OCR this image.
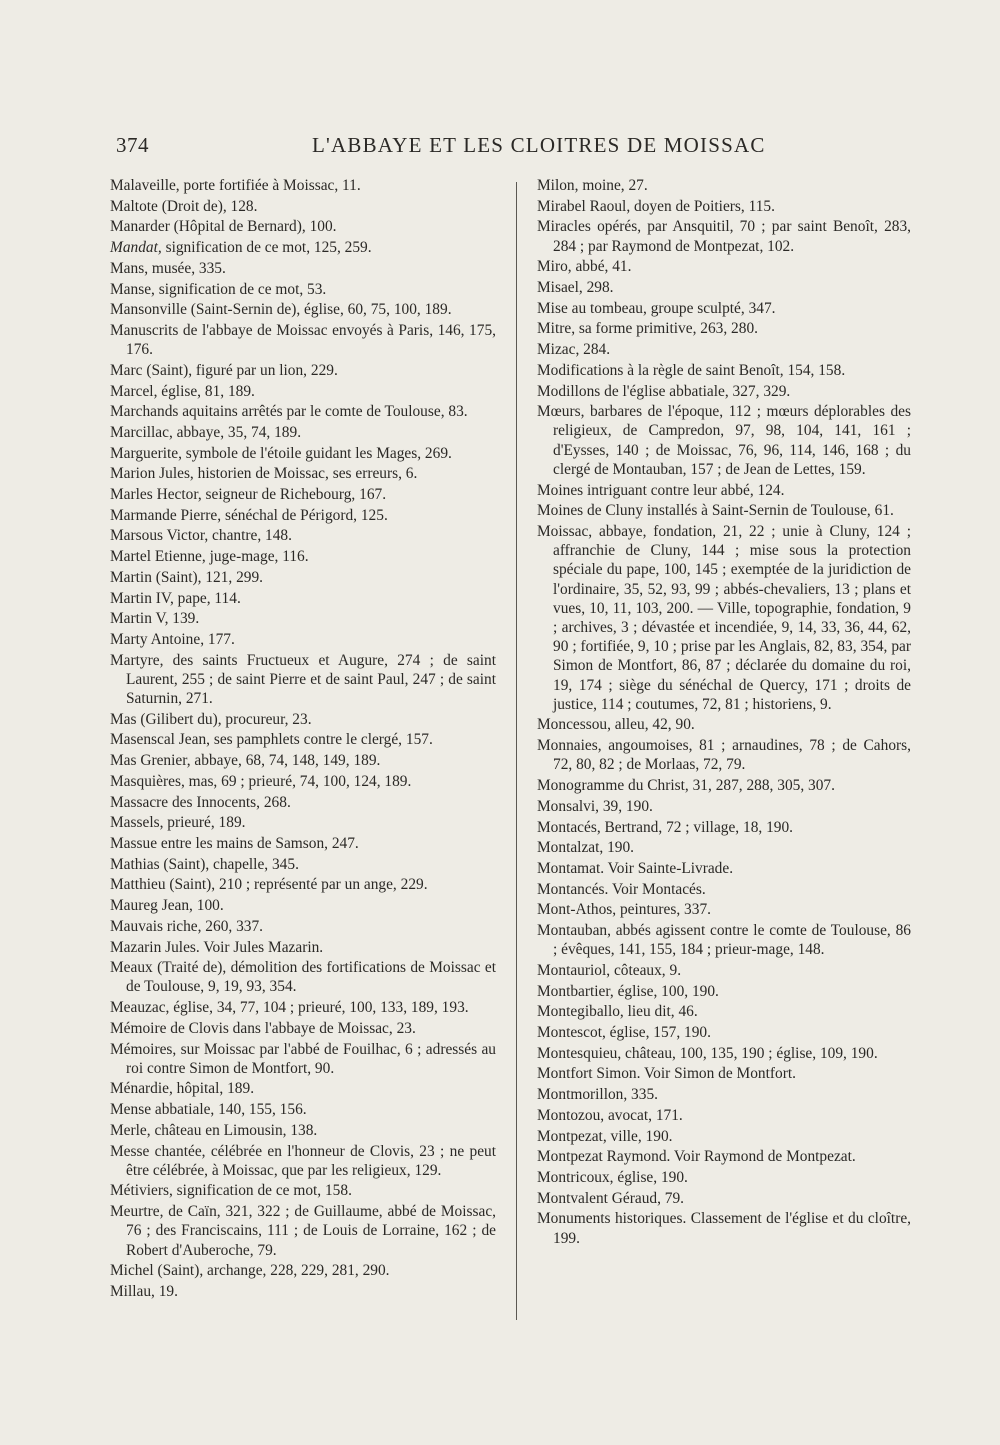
374	L'ABBAYE ET LES CLOITRES DE MOISSAC

Malaveille, porte fortifiée à Moissac, 11.

Maltote (Droit de), 128.

Manarder (Hôpital de Bernard), 100.

Mandat, signification de ce mot, 125, 259.

Mans, musée, 335.

Manse, signification de ce mot, 53.

Mansonville (Saint-Sernin de), église, 60, 75, 100, 189.

Manuscrits de l'abbaye de Moissac envoyés à Paris, 146, 175, 176.

Marc (Saint), figuré par un lion, 229.

Marcel, église, 81, 189.

Marchands aquitains arrêtés par le comte de Toulouse, 83.

Marcillac, abbaye, 35, 74, 189.

Marguerite, symbole de l'étoile guidant les Mages, 269.

Marion Jules, historien de Moissac, ses erreurs, 6.

Marles Hector, seigneur de Richebourg, 167.

Marmande Pierre, sénéchal de Périgord, 125.

Marsous Victor, chantre, 148.

Martel Etienne, juge-mage, 116.

Martin (Saint), 121, 299.

Martin IV, pape, 114.

Martin V, 139.

Marty Antoine, 177.

Martyre, des saints Fructueux et Augure, 274 ; de saint Laurent, 255 ; de saint Pierre et de saint Paul, 247 ; de saint Saturnin, 271.

Mas (Gilibert du), procureur, 23.

Masenscal Jean, ses pamphlets contre le clergé, 157.

Mas Grenier, abbaye, 68, 74, 148, 149, 189.

Masquières, mas, 69 ; prieuré, 74, 100, 124, 189.

Massacre des Innocents, 268.

Massels, prieuré, 189.

Massue entre les mains de Samson, 247.

Mathias (Saint), chapelle, 345.

Matthieu (Saint), 210 ; représenté par un ange, 229.

Maureg Jean, 100.

Mauvais riche, 260, 337.

Mazarin Jules. Voir Jules Mazarin.

Meaux (Traité de), démolition des fortifications de Moissac et de Toulouse, 9, 19, 93, 354.

Meauzac, église, 34, 77, 104 ; prieuré, 100, 133, 189, 193.

Mémoire de Clovis dans l'abbaye de Moissac, 23.

Mémoires, sur Moissac par l'abbé de Fouilhac, 6 ; adressés au roi contre Simon de Montfort, 90.

Ménardie, hôpital, 189.

Mense abbatiale, 140, 155, 156.

Merle, château en Limousin, 138.

Messe chantée, célébrée en l'honneur de Clovis, 23 ; ne peut être célébrée, à Moissac, que par les religieux, 129.

Métiviers, signification de ce mot, 158.

Meurtre, de Caïn, 321, 322 ; de Guillaume, abbé de Moissac, 76 ; des Franciscains, 111 ; de Louis de Lorraine, 162 ; de Robert d'Auberoche, 79.

Michel (Saint), archange, 228, 229, 281, 290.

Millau, 19.

Milon, moine, 27.

Mirabel Raoul, doyen de Poitiers, 115.

Miracles opérés, par Ansquitil, 70 ; par saint Benoît, 283, 284 ; par Raymond de Montpezat, 102.

Miro, abbé, 41.

Misael, 298.

Mise au tombeau, groupe sculpté, 347.

Mitre, sa forme primitive, 263, 280.

Mizac, 284.

Modifications à la règle de saint Benoît, 154, 158.

Modillons de l'église abbatiale, 327, 329.

Mœurs, barbares de l'époque, 112 ; mœurs déplorables des religieux, de Campredon, 97, 98, 104, 141, 161 ; d'Eysses, 140 ; de Moissac, 76, 96, 114, 146, 168 ; du clergé de Montauban, 157 ; de Jean de Lettes, 159.

Moines intriguant contre leur abbé, 124.

Moines de Cluny installés à Saint-Sernin de Toulouse, 61.

Moissac, abbaye, fondation, 21, 22 ; unie à Cluny, 124 ; affranchie de Cluny, 144 ; mise sous la protection spéciale du pape, 100, 145 ; exemptée de la juridiction de l'ordinaire, 35, 52, 93, 99 ; abbés-chevaliers, 13 ; plans et vues, 10, 11, 103, 200. — Ville, topographie, fondation, 9 ; archives, 3 ; dévastée et incendiée, 9, 14, 33, 36, 44, 62, 90 ; fortifiée, 9, 10 ; prise par les Anglais, 82, 83, 354, par Simon de Montfort, 86, 87 ; déclarée du domaine du roi, 19, 174 ; siège du sénéchal de Quercy, 171 ; droits de justice, 114 ; coutumes, 72, 81 ; historiens, 9.

Moncessou, alleu, 42, 90.

Monnaies, angoumoises, 81 ; arnaudines, 78 ; de Cahors, 72, 80, 82 ; de Morlaas, 72, 79.

Monogramme du Christ, 31, 287, 288, 305, 307.

Monsalvi, 39, 190.

Montacés, Bertrand, 72 ; village, 18, 190.

Montalzat, 190.

Montamat. Voir Sainte-Livrade.

Montancés. Voir Montacés.

Mont-Athos, peintures, 337.

Montauban, abbés agissent contre le comte de Toulouse, 86 ; évêques, 141, 155, 184 ; prieur-mage, 148.

Montauriol, côteaux, 9.

Montbartier, église, 100, 190.

Montegiballo, lieu dit, 46.

Montescot, église, 157, 190.

Montesquieu, château, 100, 135, 190 ; église, 109, 190.

Montfort Simon. Voir Simon de Montfort.

Montmorillon, 335.

Montozou, avocat, 171.

Montpezat, ville, 190.

Montpezat Raymond. Voir Raymond de Montpezat.

Montricoux, église, 190.

Montvalent Géraud, 79.

Monuments historiques. Classement de l'église et du cloître, 199.
